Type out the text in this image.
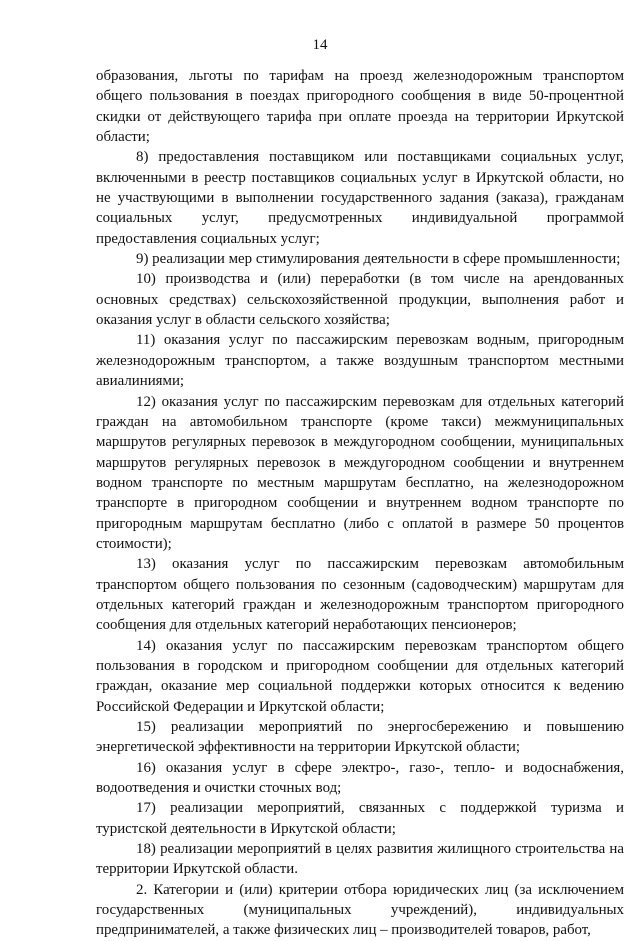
14

образования, льготы по тарифам на проезд железнодорожным транспортом общего пользования в поездах пригородного сообщения в виде 50-процентной скидки от действующего тарифа при оплате проезда на территории Иркутской области;

8) предоставления поставщиком или поставщиками социальных услуг, включенными в реестр поставщиков социальных услуг в Иркутской области, но не участвующими в выполнении государственного задания (заказа), гражданам социальных услуг, предусмотренных индивидуальной программой предоставления социальных услуг;

9) реализации мер стимулирования деятельности в сфере промышленности;

10) производства и (или) переработки (в том числе на арендованных основных средствах) сельскохозяйственной продукции, выполнения работ и оказания услуг в области сельского хозяйства;

11) оказания услуг по пассажирским перевозкам водным, пригородным железнодорожным транспортом, а также воздушным транспортом местными авиалиниями;

12) оказания услуг по пассажирским перевозкам для отдельных категорий граждан на автомобильном транспорте (кроме такси) межмуниципальных маршрутов регулярных перевозок в междугородном сообщении, муниципальных маршрутов регулярных перевозок в междугородном сообщении и внутреннем водном транспорте по местным маршрутам бесплатно, на железнодорожном транспорте в пригородном сообщении и внутреннем водном транспорте по пригородным маршрутам бесплатно (либо с оплатой в размере 50 процентов стоимости);

13) оказания услуг по пассажирским перевозкам автомобильным транспортом общего пользования по сезонным (садоводческим) маршрутам для отдельных категорий граждан и железнодорожным транспортом пригородного сообщения для отдельных категорий неработающих пенсионеров;

14) оказания услуг по пассажирским перевозкам транспортом общего пользования в городском и пригородном сообщении для отдельных категорий граждан, оказание мер социальной поддержки которых относится к ведению Российской Федерации и Иркутской области;

15) реализации мероприятий по энергосбережению и повышению энергетической эффективности на территории Иркутской области;

16) оказания услуг в сфере электро-, газо-, тепло- и водоснабжения, водоотведения и очистки сточных вод;

17) реализации мероприятий, связанных с поддержкой туризма и туристской деятельности в Иркутской области;

18) реализации мероприятий в целях развития жилищного строительства на территории Иркутской области.

2. Категории и (или) критерии отбора юридических лиц (за исключением государственных (муниципальных учреждений), индивидуальных предпринимателей, а также физических лиц – производителей товаров, работ,
